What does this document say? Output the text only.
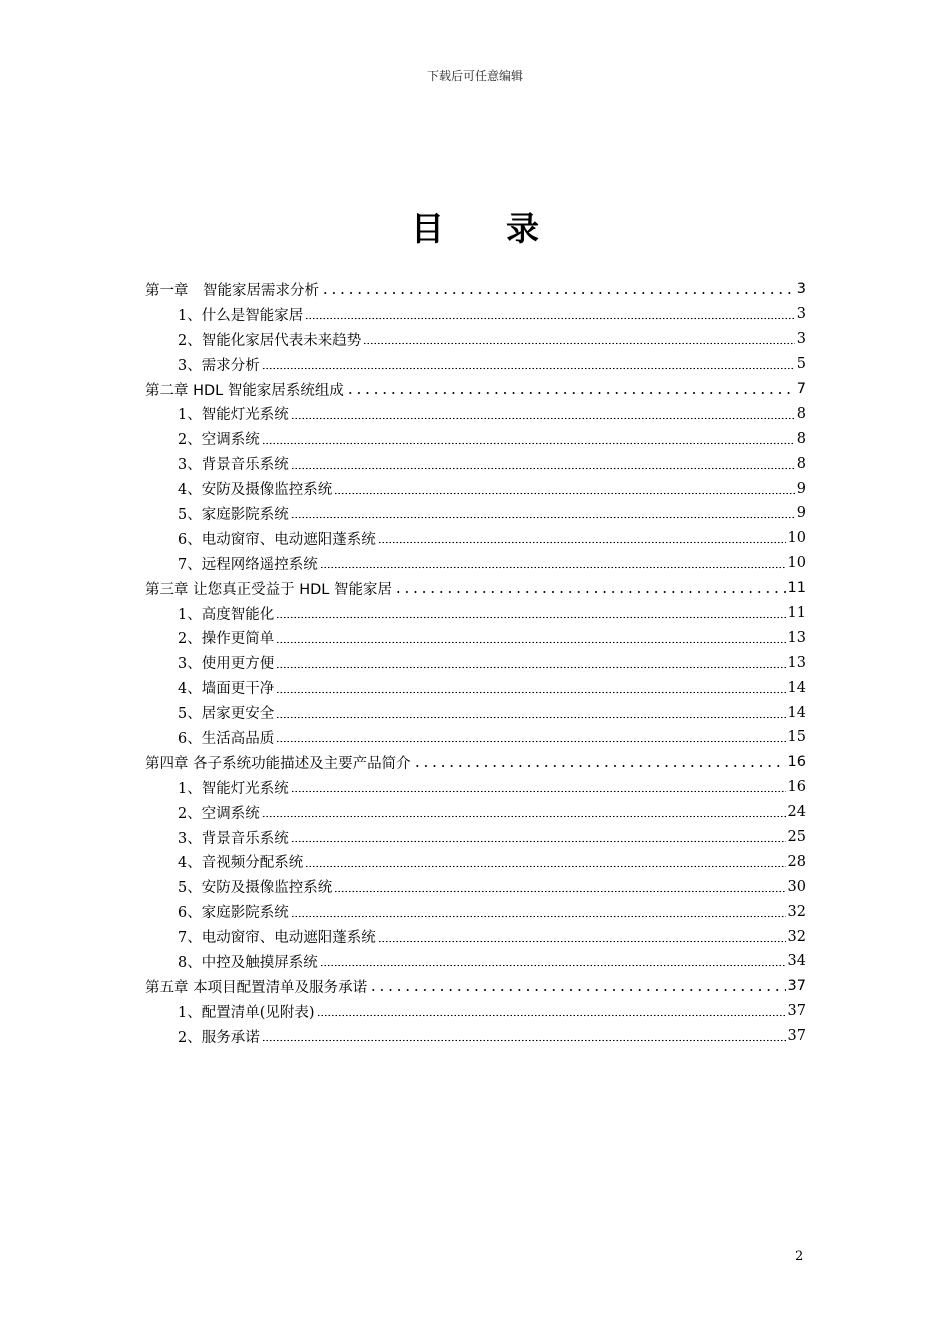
下载后可任意编辑
目 录
第一章　智能家居需求分析	3
1、什么是智能家居	3
2、智能化家居代表未来趋势	3
3、需求分析	5
第二章 HDL 智能家居系统组成	7
1、智能灯光系统	8
2、空调系统	8
3、背景音乐系统	8
4、安防及摄像监控系统	9
5、家庭影院系统	9
6、电动窗帘、电动遮阳蓬系统	10
7、远程网络遥控系统	10
第三章 让您真正受益于 HDL 智能家居	11
1、高度智能化	11
2、操作更简单	13
3、使用更方便	13
4、墙面更干净	14
5、居家更安全	14
6、生活高品质	15
第四章 各子系统功能描述及主要产品简介	16
1、智能灯光系统	16
2、空调系统	24
3、背景音乐系统	25
4、音视频分配系统	28
5、安防及摄像监控系统	30
6、家庭影院系统	32
7、电动窗帘、电动遮阳蓬系统	32
8、中控及触摸屏系统	34
第五章 本项目配置清单及服务承诺	37
1、配置清单(见附表)	37
2、服务承诺	37
2
